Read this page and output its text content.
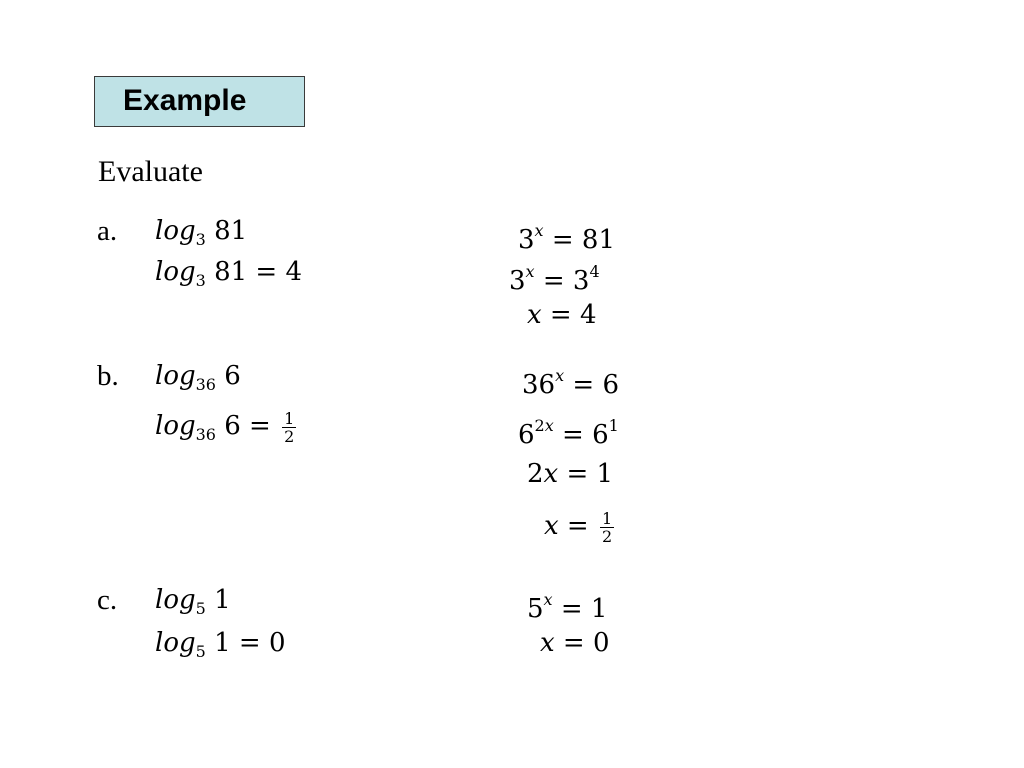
Example
Evaluate
a. $\log_3 81$
$\log_3 81 = 4$
$3^x = 81$
$3^x = 3^4$
x = 4
b. $\log_{36} 6$
$\log_{36} 6 = \frac{1}{2}$
$36^x = 6$
$6^{2x} = 6^1$
2x = 1
$x = \frac{1}{2}$
c. $\log_5 1$
$\log_5 1 = 0$
$5^x = 1$
x = 0
